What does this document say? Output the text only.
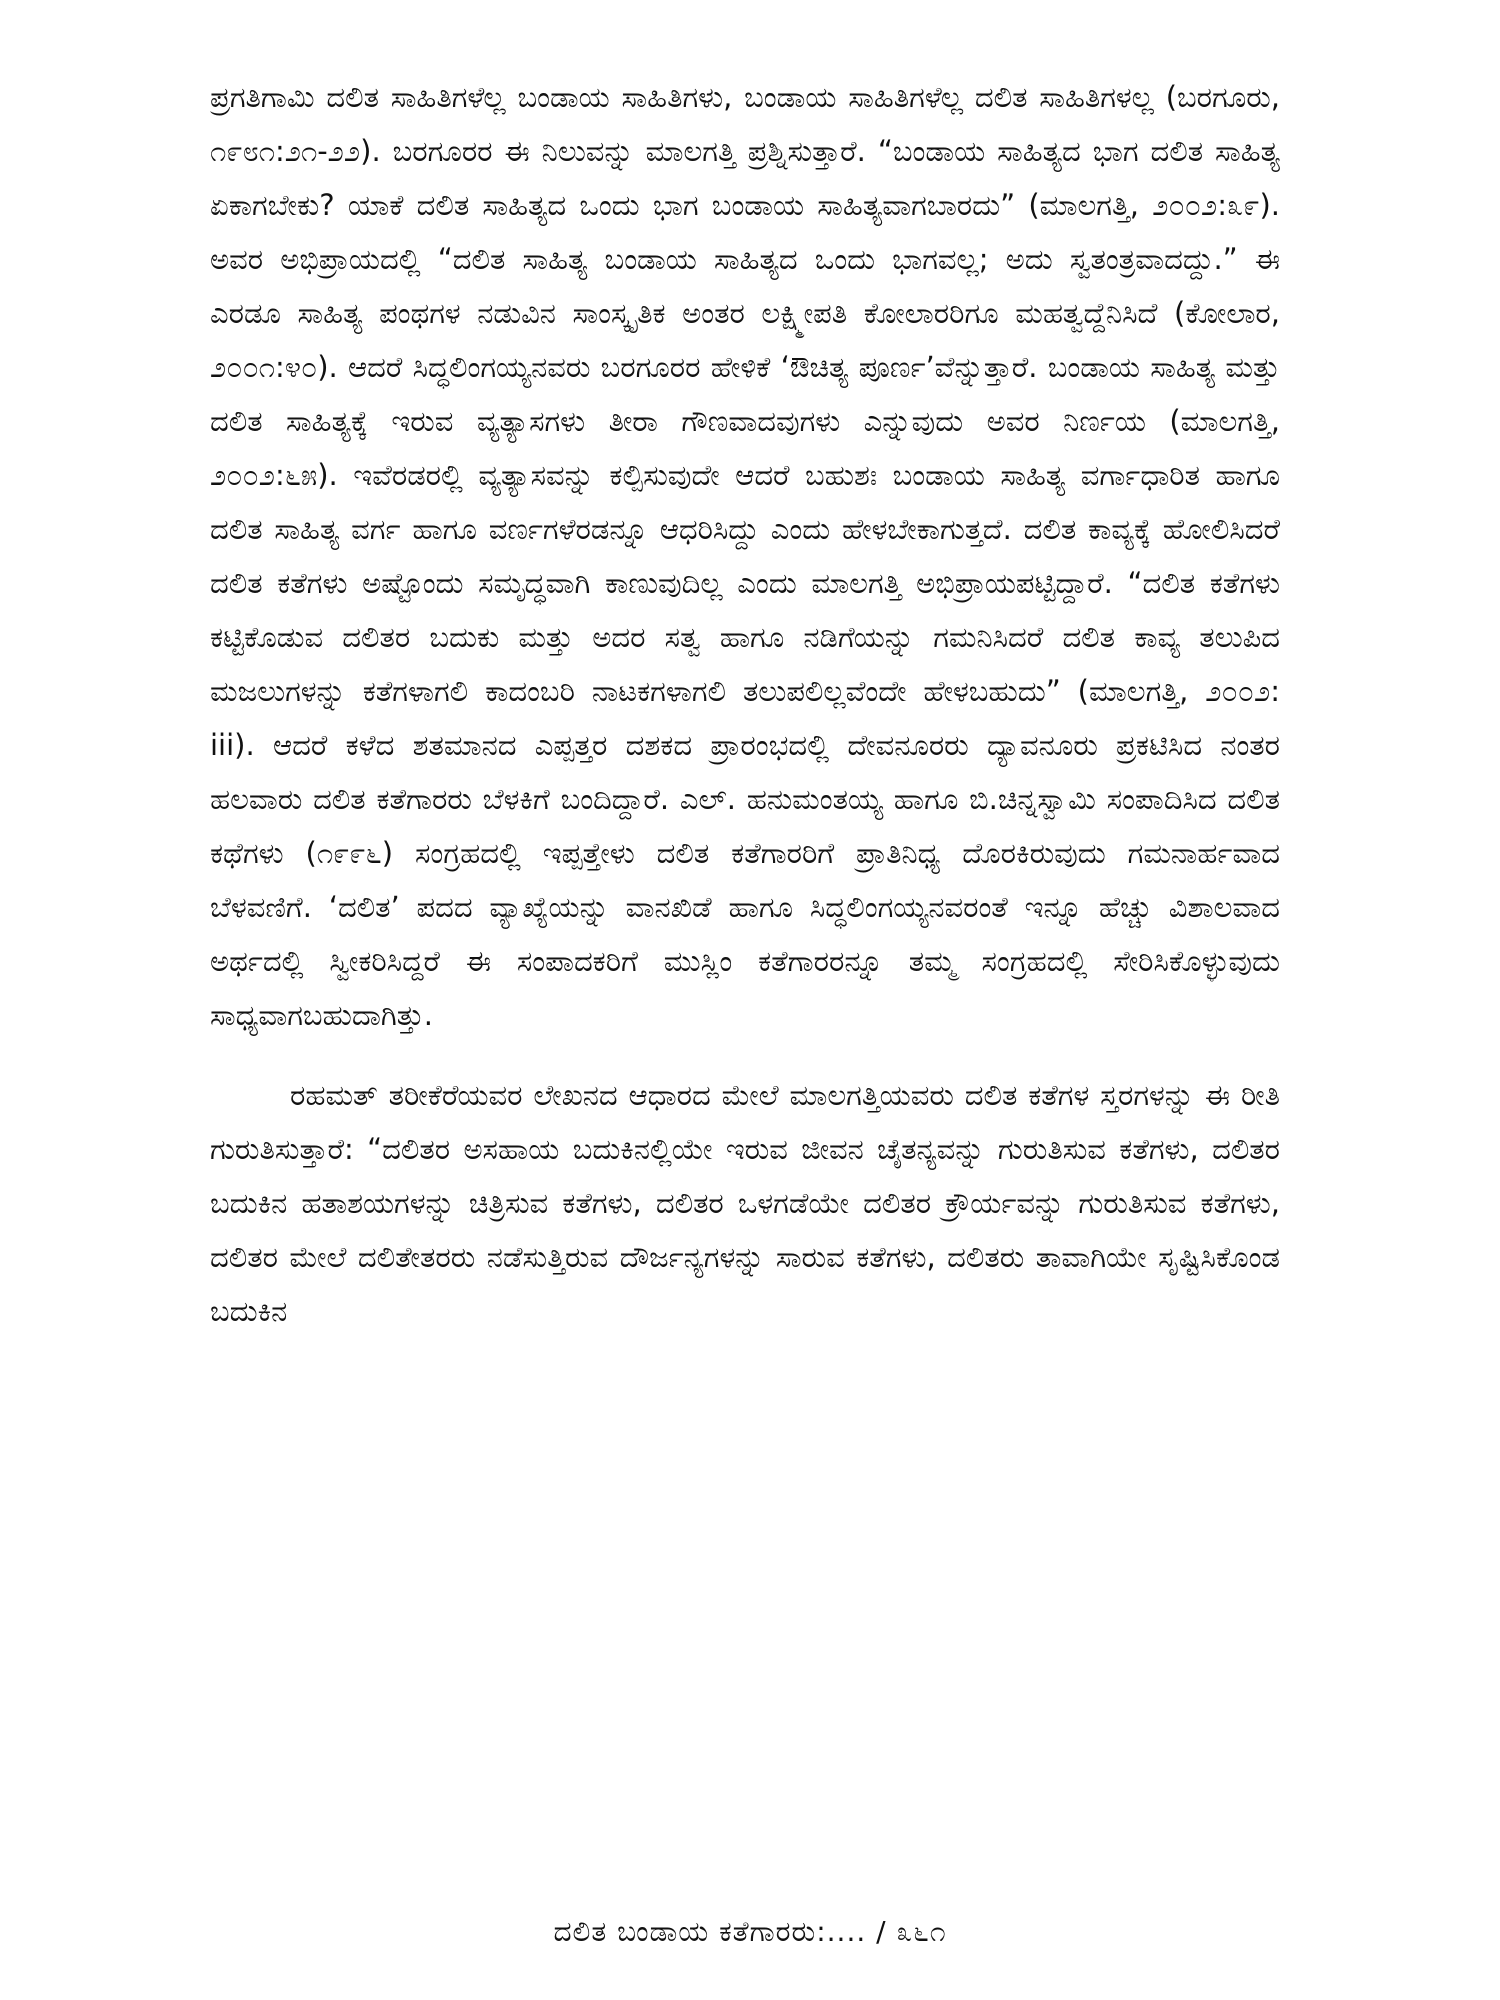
ಪ್ರಗತಿಗಾಮಿ ದಲಿತ ಸಾಹಿತಿಗಳೆಲ್ಲ ಬಂಡಾಯ ಸಾಹಿತಿಗಳು, ಬಂಡಾಯ ಸಾಹಿತಿಗಳೆಲ್ಲ ದಲಿತ ಸಾಹಿತಿಗಳಲ್ಲ (ಬರಗೂರು, ೧೯೮೧:೨೧-೨೨). ಬರಗೂರರ ಈ ನಿಲುವನ್ನು ಮಾಲಗತ್ತಿ ಪ್ರಶ್ನಿಸುತ್ತಾರೆ. “ಬಂಡಾಯ ಸಾಹಿತ್ಯದ ಭಾಗ ದಲಿತ ಸಾಹಿತ್ಯ ಏಕಾಗಬೇಕು? ಯಾಕೆ ದಲಿತ ಸಾಹಿತ್ಯದ ಒಂದು ಭಾಗ ಬಂಡಾಯ ಸಾಹಿತ್ಯವಾಗಬಾರದು” (ಮಾಲಗತ್ತಿ, ೨೦೦೨:೩೯). ಅವರ ಅಭಿಪ್ರಾಯದಲ್ಲಿ “ದಲಿತ ಸಾಹಿತ್ಯ ಬಂಡಾಯ ಸಾಹಿತ್ಯದ ಒಂದು ಭಾಗವಲ್ಲ; ಅದು ಸ್ವತಂತ್ರವಾದದ್ದು.” ಈ ಎರಡೂ ಸಾಹಿತ್ಯ ಪಂಥಗಳ ನಡುವಿನ ಸಾಂಸ್ಕೃತಿಕ ಅಂತರ ಲಕ್ಷ್ಮೀಪತಿ ಕೋಲಾರರಿಗೂ ಮಹತ್ವದ್ದೆನಿಸಿದೆ (ಕೋಲಾರ, ೨೦೦೧:೪೦). ಆದರೆ ಸಿದ್ಧಲಿಂಗಯ್ಯನವರು ಬರಗೂರರ ಹೇಳಿಕೆ ‘ಔಚಿತ್ಯ ಪೂರ್ಣ’ವೆನ್ನುತ್ತಾರೆ. ಬಂಡಾಯ ಸಾಹಿತ್ಯ ಮತ್ತು ದಲಿತ ಸಾಹಿತ್ಯಕ್ಕೆ ಇರುವ ವ್ಯತ್ಯಾಸಗಳು ತೀರಾ ಗೌಣವಾದವುಗಳು ಎನ್ನುವುದು ಅವರ ನಿರ್ಣಯ (ಮಾಲಗತ್ತಿ, ೨೦೦೨:೬೫). ಇವೆರಡರಲ್ಲಿ ವ್ಯತ್ಯಾಸವನ್ನು ಕಲ್ಪಿಸುವುದೇ ಆದರೆ ಬಹುಶಃ ಬಂಡಾಯ ಸಾಹಿತ್ಯ ವರ್ಗಾಧಾರಿತ ಹಾಗೂ ದಲಿತ ಸಾಹಿತ್ಯ ವರ್ಗ ಹಾಗೂ ವರ್ಣಗಳೆರಡನ್ನೂ ಆಧರಿಸಿದ್ದು ಎಂದು ಹೇಳಬೇಕಾಗುತ್ತದೆ. ದಲಿತ ಕಾವ್ಯಕ್ಕೆ ಹೋಲಿಸಿದರೆ ದಲಿತ ಕತೆಗಳು ಅಷ್ಟೊಂದು ಸಮೃದ್ಧವಾಗಿ ಕಾಣುವುದಿಲ್ಲ ಎಂದು ಮಾಲಗತ್ತಿ ಅಭಿಪ್ರಾಯಪಟ್ಟಿದ್ದಾರೆ. “ದಲಿತ ಕತೆಗಳು ಕಟ್ಟಿಕೊಡುವ ದಲಿತರ ಬದುಕು ಮತ್ತು ಅದರ ಸತ್ವ ಹಾಗೂ ನಡಿಗೆಯನ್ನು ಗಮನಿಸಿದರೆ ದಲಿತ ಕಾವ್ಯ ತಲುಪಿದ ಮಜಲುಗಳನ್ನು ಕತೆಗಳಾಗಲಿ ಕಾದಂಬರಿ ನಾಟಕಗಳಾಗಲಿ ತಲುಪಲಿಲ್ಲವೆಂದೇ ಹೇಳಬಹುದು” (ಮಾಲಗತ್ತಿ, ೨೦೦೨: iii). ಆದರೆ ಕಳೆದ ಶತಮಾನದ ಎಪ್ಪತ್ತರ ದಶಕದ ಪ್ರಾರಂಭದಲ್ಲಿ ದೇವನೂರರು ದ್ಯಾವನೂರು ಪ್ರಕಟಿಸಿದ ನಂತರ ಹಲವಾರು ದಲಿತ ಕತೆಗಾರರು ಬೆಳಕಿಗೆ ಬಂದಿದ್ದಾರೆ. ಎಲ್. ಹನುಮಂತಯ್ಯ ಹಾಗೂ ಬಿ.ಚಿನ್ನಸ್ವಾಮಿ ಸಂಪಾದಿಸಿದ ದಲಿತ ಕಥೆಗಳು (೧೯೯೬) ಸಂಗ್ರಹದಲ್ಲಿ ಇಪ್ಪತ್ತೇಳು ದಲಿತ ಕತೆಗಾರರಿಗೆ ಪ್ರಾತಿನಿಧ್ಯ ದೊರಕಿರುವುದು ಗಮನಾರ್ಹವಾದ ಬೆಳವಣಿಗೆ. ‘ದಲಿತ’ ಪದದ ವ್ಯಾಖ್ಯೆಯನ್ನು ವಾನಖಿಡೆ ಹಾಗೂ ಸಿದ್ಧಲಿಂಗಯ್ಯನವರಂತೆ ಇನ್ನೂ ಹೆಚ್ಚು ವಿಶಾಲವಾದ ಅರ್ಥದಲ್ಲಿ ಸ್ವೀಕರಿಸಿದ್ದರೆ ಈ ಸಂಪಾದಕರಿಗೆ ಮುಸ್ಲಿಂ ಕತೆಗಾರರನ್ನೂ ತಮ್ಮ ಸಂಗ್ರಹದಲ್ಲಿ ಸೇರಿಸಿಕೊಳ್ಳುವುದು ಸಾಧ್ಯವಾಗಬಹುದಾಗಿತ್ತು.

ರಹಮತ್ ತರೀಕೆರೆಯವರ ಲೇಖನದ ಆಧಾರದ ಮೇಲೆ ಮಾಲಗತ್ತಿಯವರು ದಲಿತ ಕತೆಗಳ ಸ್ತರಗಳನ್ನು ಈ ರೀತಿ ಗುರುತಿಸುತ್ತಾರೆ: “ದಲಿತರ ಅಸಹಾಯ ಬದುಕಿನಲ್ಲಿಯೇ ಇರುವ ಜೀವನ ಚೈತನ್ಯವನ್ನು ಗುರುತಿಸುವ ಕತೆಗಳು, ದಲಿತರ ಬದುಕಿನ ಹತಾಶಯಗಳನ್ನು ಚಿತ್ರಿಸುವ ಕತೆಗಳು, ದಲಿತರ ಒಳಗಡೆಯೇ ದಲಿತರ ಕ್ರೌರ್ಯವನ್ನು ಗುರುತಿಸುವ ಕತೆಗಳು, ದಲಿತರ ಮೇಲೆ ದಲಿತೇತರರು ನಡೆಸುತ್ತಿರುವ ದೌರ್ಜನ್ಯಗಳನ್ನು ಸಾರುವ ಕತೆಗಳು, ದಲಿತರು ತಾವಾಗಿಯೇ ಸೃಷ್ಟಿಸಿಕೊಂಡ ಬದುಕಿನ

ದಲಿತ ಬಂಡಾಯ ಕತೆಗಾರರು:.... / ೩೬೧
